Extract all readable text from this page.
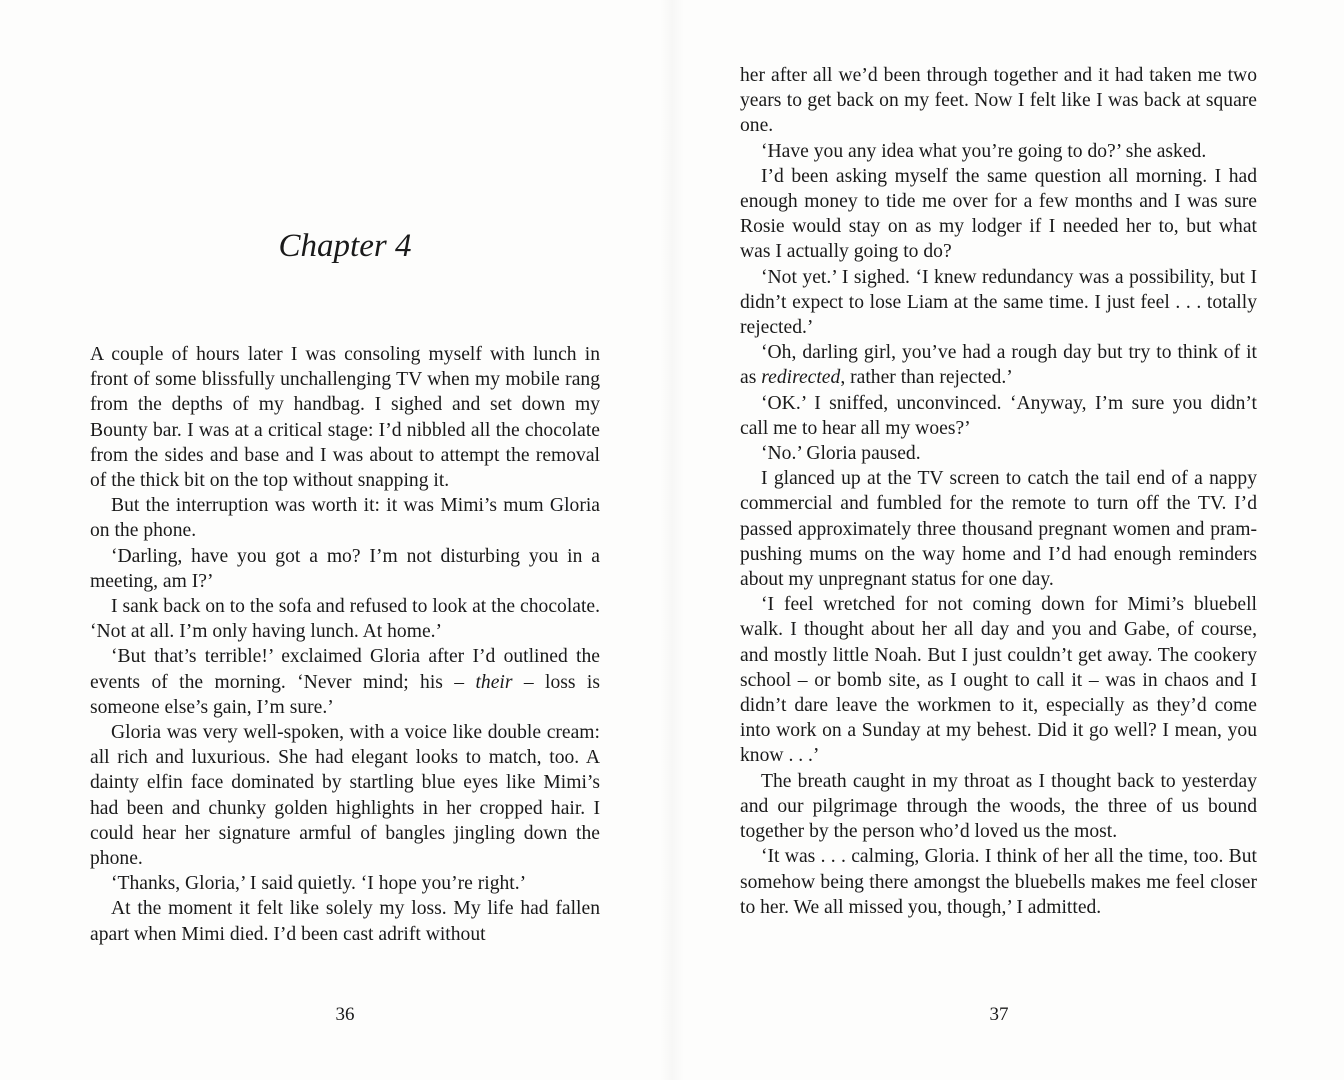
Chapter 4

A couple of hours later I was consoling myself with lunch in front of some blissfully unchallenging TV when my mobile rang from the depths of my handbag. I sighed and set down my Bounty bar. I was at a critical stage: I’d nibbled all the chocolate from the sides and base and I was about to attempt the removal of the thick bit on the top without snapping it.

But the interruption was worth it: it was Mimi’s mum Gloria on the phone.

‘Darling, have you got a mo? I’m not disturbing you in a meeting, am I?’

I sank back on to the sofa and refused to look at the chocolate. ‘Not at all. I’m only having lunch. At home.’

‘But that’s terrible!’ exclaimed Gloria after I’d outlined the events of the morning. ‘Never mind; his – their – loss is someone else’s gain, I’m sure.’

Gloria was very well-spoken, with a voice like double cream: all rich and luxurious. She had elegant looks to match, too. A dainty elfin face dominated by startling blue eyes like Mimi’s had been and chunky golden highlights in her cropped hair. I could hear her signature armful of bangles jingling down the phone.

‘Thanks, Gloria,’ I said quietly. ‘I hope you’re right.’

At the moment it felt like solely my loss. My life had fallen apart when Mimi died. I’d been cast adrift without

36

her after all we’d been through together and it had taken me two years to get back on my feet. Now I felt like I was back at square one.

‘Have you any idea what you’re going to do?’ she asked.

I’d been asking myself the same question all morning. I had enough money to tide me over for a few months and I was sure Rosie would stay on as my lodger if I needed her to, but what was I actually going to do?

‘Not yet.’ I sighed. ‘I knew redundancy was a possibility, but I didn’t expect to lose Liam at the same time. I just feel . . . totally rejected.’

‘Oh, darling girl, you’ve had a rough day but try to think of it as redirected, rather than rejected.’

‘OK.’ I sniffed, unconvinced. ‘Anyway, I’m sure you didn’t call me to hear all my woes?’

‘No.’ Gloria paused.

I glanced up at the TV screen to catch the tail end of a nappy commercial and fumbled for the remote to turn off the TV. I’d passed approximately three thousand pregnant women and pram-pushing mums on the way home and I’d had enough reminders about my unpregnant status for one day.

‘I feel wretched for not coming down for Mimi’s bluebell walk. I thought about her all day and you and Gabe, of course, and mostly little Noah. But I just couldn’t get away. The cookery school – or bomb site, as I ought to call it – was in chaos and I didn’t dare leave the workmen to it, especially as they’d come into work on a Sunday at my behest. Did it go well? I mean, you know . . .’

The breath caught in my throat as I thought back to yesterday and our pilgrimage through the woods, the three of us bound together by the person who’d loved us the most.

‘It was . . . calming, Gloria. I think of her all the time, too. But somehow being there amongst the bluebells makes me feel closer to her. We all missed you, though,’ I admitted.

37
